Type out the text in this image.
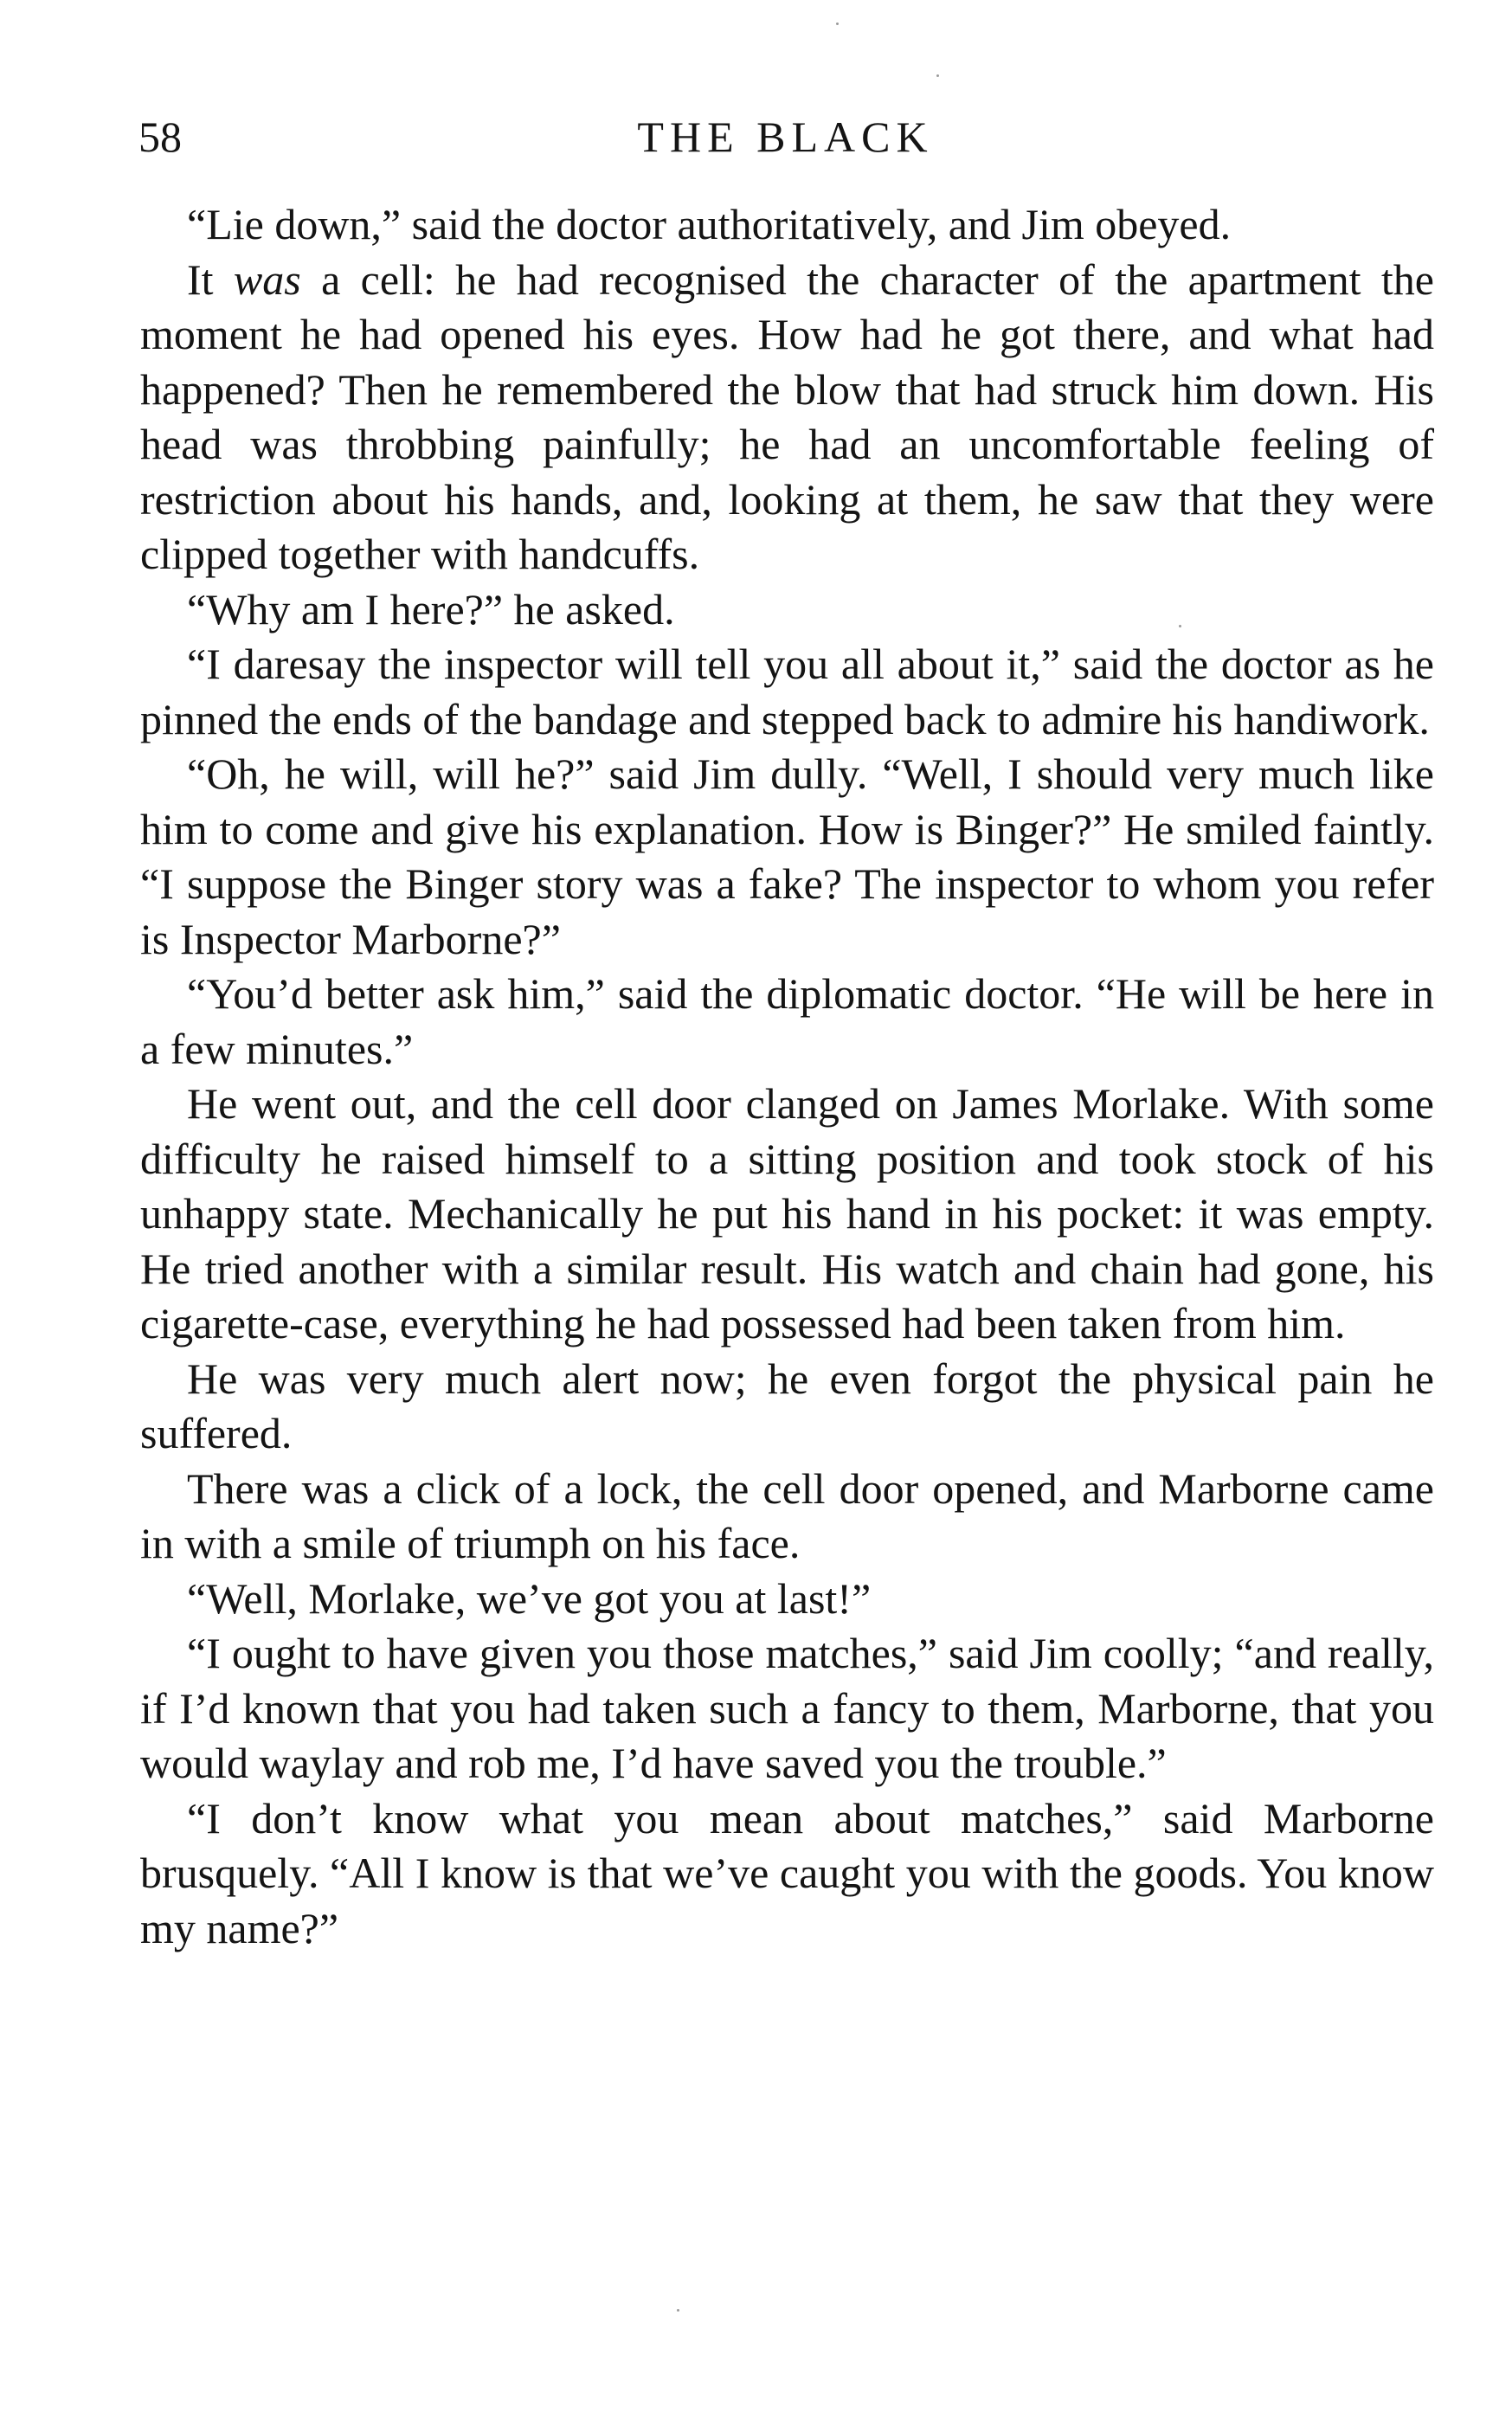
58	THE BLACK

“Lie down,” said the doctor authoritatively, and Jim obeyed.

It was a cell: he had recognised the character of the apartment the moment he had opened his eyes. How had he got there, and what had happened? Then he remembered the blow that had struck him down. His head was throbbing painfully; he had an uncomfortable feeling of restriction about his hands, and, looking at them, he saw that they were clipped together with handcuffs.

“Why am I here?” he asked.

“I daresay the inspector will tell you all about it,” said the doctor as he pinned the ends of the bandage and stepped back to admire his handiwork.

“Oh, he will, will he?” said Jim dully. “Well, I should very much like him to come and give his explanation. How is Binger?” He smiled faintly. “I suppose the Binger story was a fake? The inspector to whom you refer is Inspector Marborne?”

“You’d better ask him,” said the diplomatic doctor. “He will be here in a few minutes.”

He went out, and the cell door clanged on James Morlake. With some difficulty he raised himself to a sitting position and took stock of his unhappy state. Mechanically he put his hand in his pocket: it was empty. He tried another with a similar result. His watch and chain had gone, his cigarette-case, everything he had possessed had been taken from him.

He was very much alert now; he even forgot the physical pain he suffered.

There was a click of a lock, the cell door opened, and Marborne came in with a smile of triumph on his face.

“Well, Morlake, we’ve got you at last!”

“I ought to have given you those matches,” said Jim coolly; “and really, if I’d known that you had taken such a fancy to them, Marborne, that you would waylay and rob me, I’d have saved you the trouble.”

“I don’t know what you mean about matches,” said Marborne brusquely. “All I know is that we’ve caught you with the goods. You know my name?”
